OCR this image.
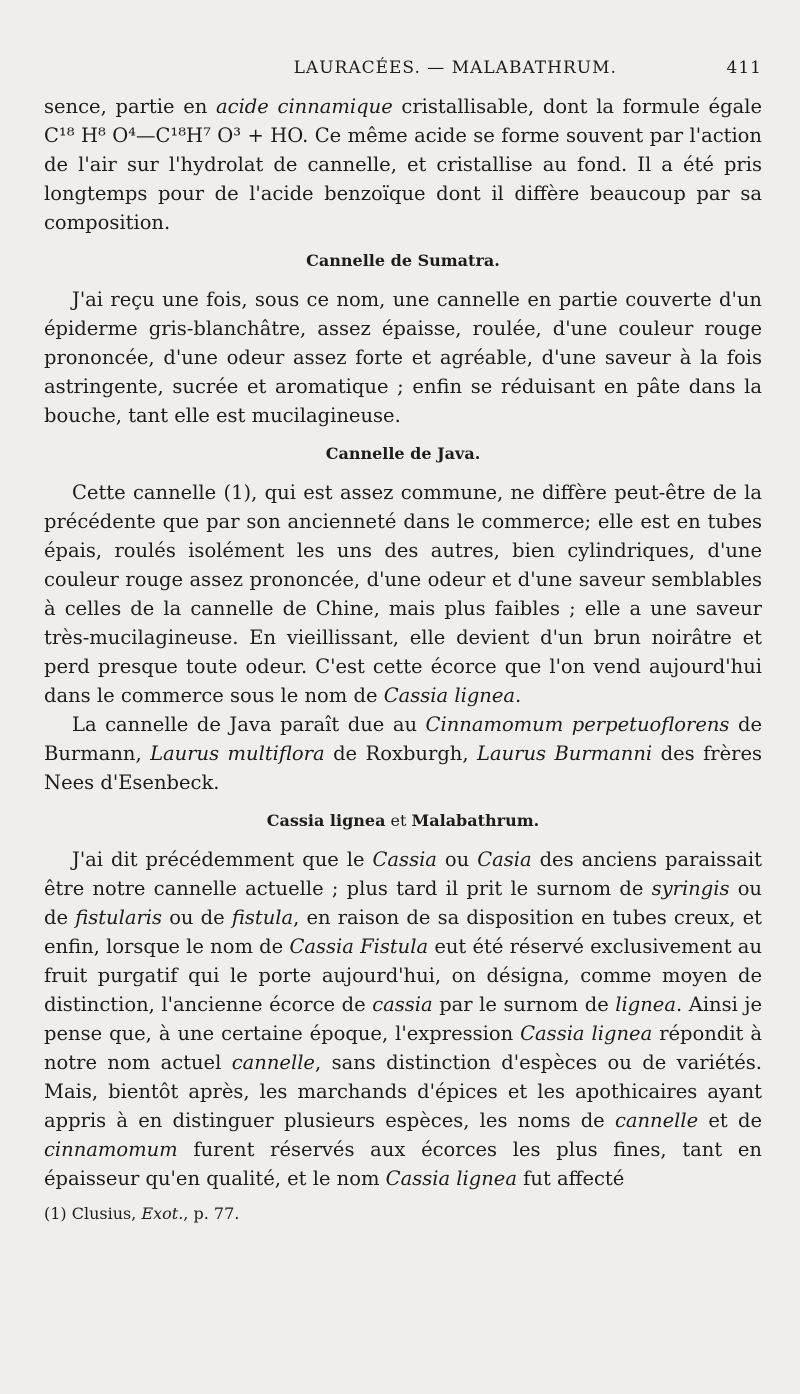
LAURACÉES. — MALABATHRUM.	411

sence, partie en acide cinnamique cristallisable, dont la formule égale C¹⁸ H⁸ O⁴—C¹⁸H⁷ O³ + HO. Ce même acide se forme souvent par l'action de l'air sur l'hydrolat de cannelle, et cristallise au fond. Il a été pris longtemps pour de l'acide benzoïque dont il diffère beaucoup par sa composition.

Cannelle de Sumatra.

J'ai reçu une fois, sous ce nom, une cannelle en partie couverte d'un épiderme gris-blanchâtre, assez épaisse, roulée, d'une couleur rouge prononcée, d'une odeur assez forte et agréable, d'une saveur à la fois astringente, sucrée et aromatique ; enfin se réduisant en pâte dans la bouche, tant elle est mucilagineuse.

Cannelle de Java.

Cette cannelle (1), qui est assez commune, ne diffère peut-être de la précédente que par son ancienneté dans le commerce; elle est en tubes épais, roulés isolément les uns des autres, bien cylindriques, d'une couleur rouge assez prononcée, d'une odeur et d'une saveur semblables à celles de la cannelle de Chine, mais plus faibles ; elle a une saveur très-mucilagineuse. En vieillissant, elle devient d'un brun noirâtre et perd presque toute odeur. C'est cette écorce que l'on vend aujourd'hui dans le commerce sous le nom de Cassia lignea.

La cannelle de Java paraît due au Cinnamomum perpetuoflorens de Burmann, Laurus multiflora de Roxburgh, Laurus Burmanni des frères Nees d'Esenbeck.

Cassia lignea et Malabathrum.

J'ai dit précédemment que le Cassia ou Casia des anciens paraissait être notre cannelle actuelle ; plus tard il prit le surnom de syringis ou de fistularis ou de fistula, en raison de sa disposition en tubes creux, et enfin, lorsque le nom de Cassia Fistula eut été réservé exclusivement au fruit purgatif qui le porte aujourd'hui, on désigna, comme moyen de distinction, l'ancienne écorce de cassia par le surnom de lignea. Ainsi je pense que, à une certaine époque, l'expression Cassia lignea répondit à notre nom actuel cannelle, sans distinction d'espèces ou de variétés. Mais, bientôt après, les marchands d'épices et les apothicaires ayant appris à en distinguer plusieurs espèces, les noms de cannelle et de cinnamomum furent réservés aux écorces les plus fines, tant en épaisseur qu'en qualité, et le nom Cassia lignea fut affecté

(1) Clusius, Exot., p. 77.
